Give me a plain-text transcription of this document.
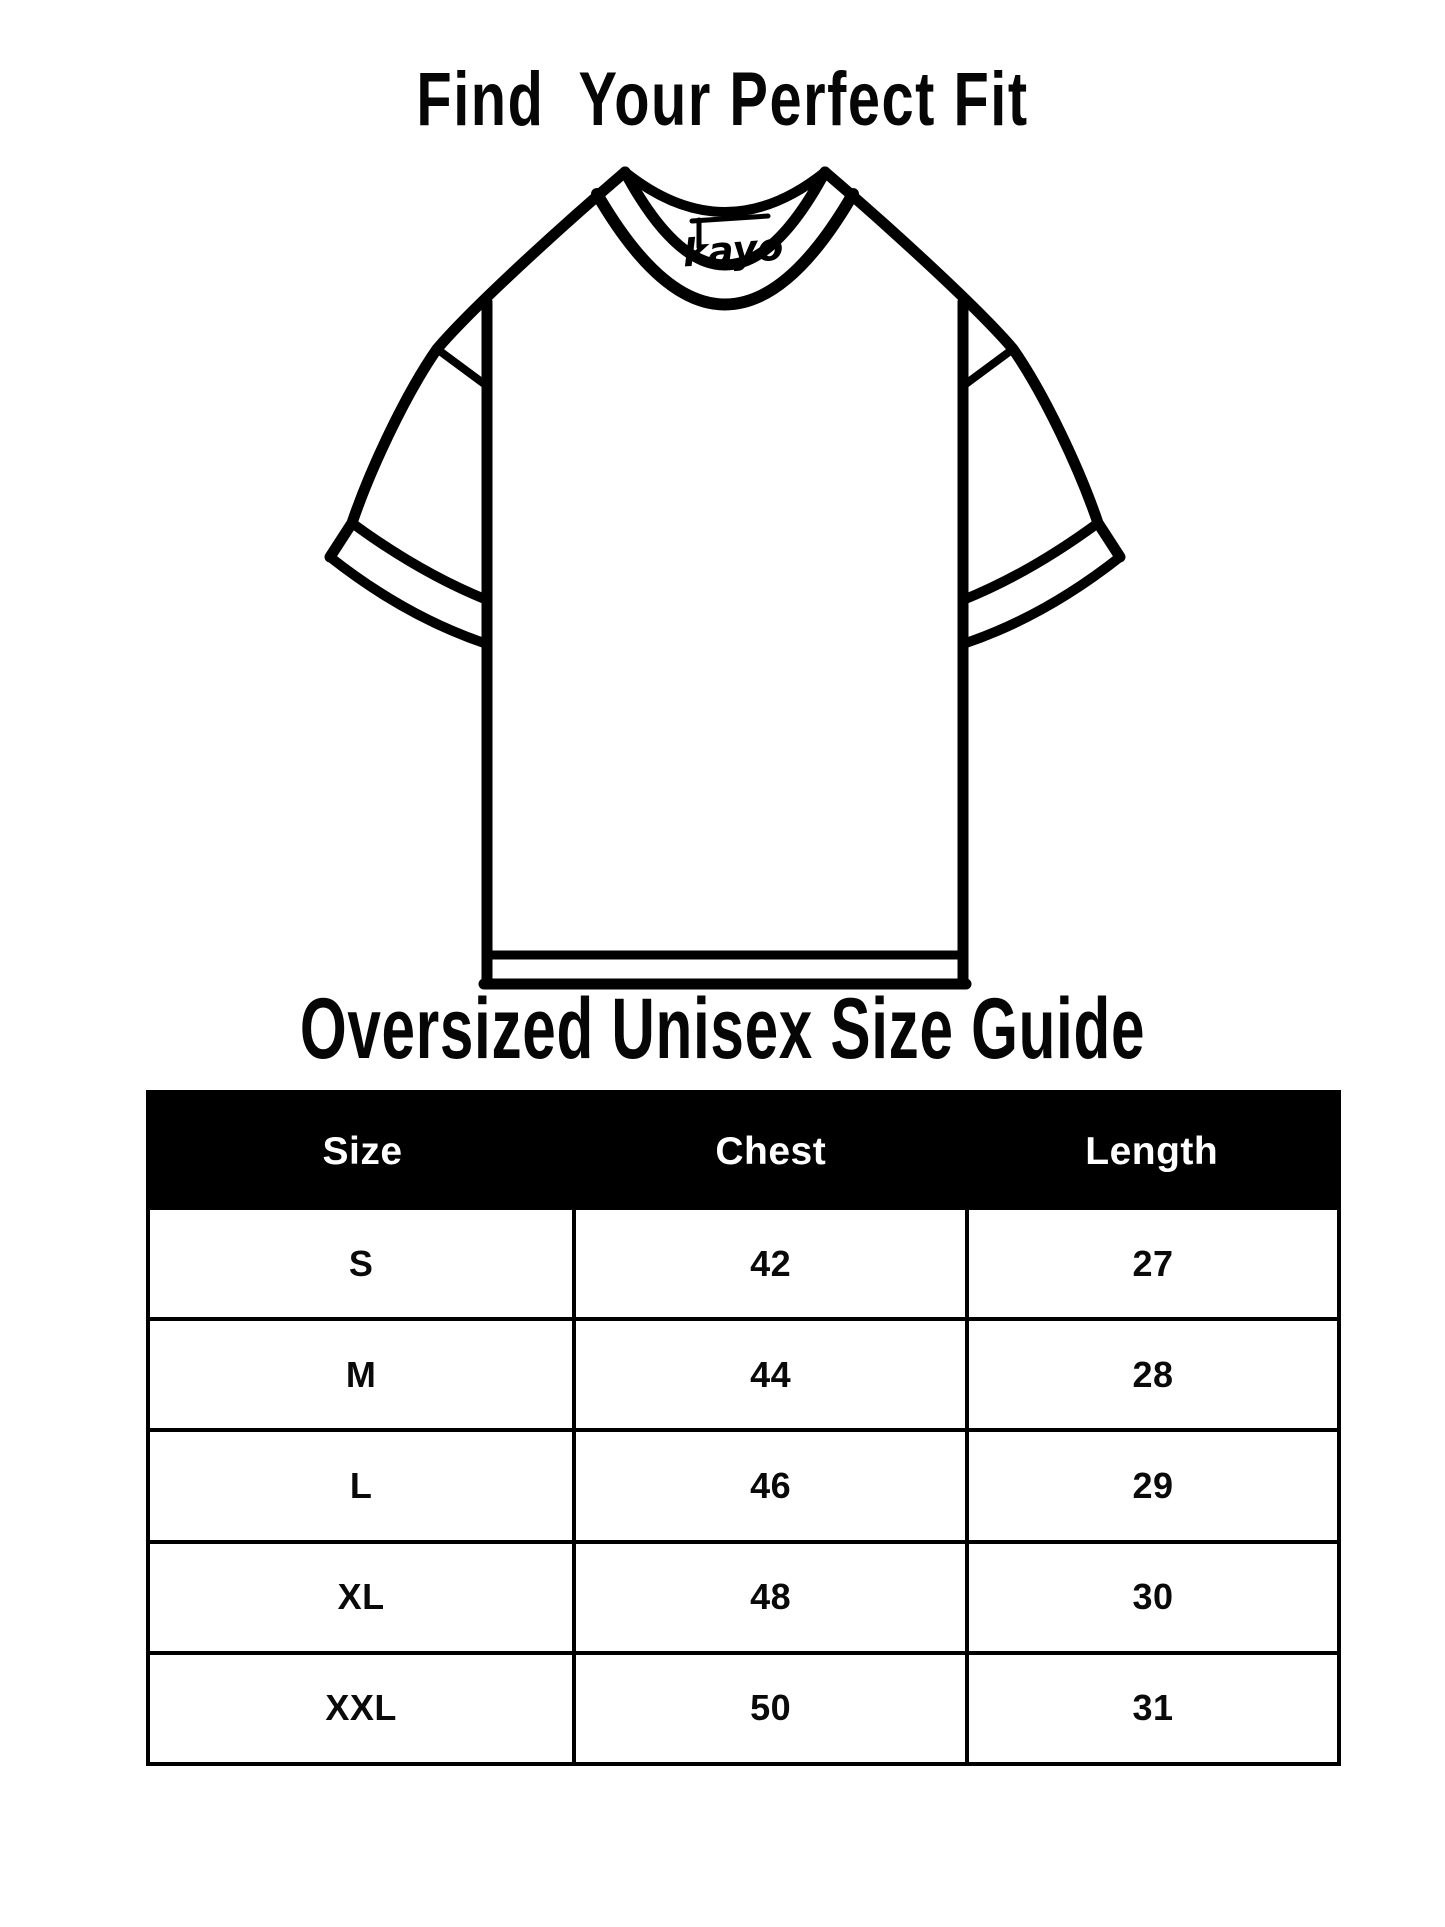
Find  Your Perfect Fit
kayo
Oversized Unisex Size Guide
Size	Chest	Length
S	42	27
M	44	28
L	46	29
XL	48	30
XXL	50	31
